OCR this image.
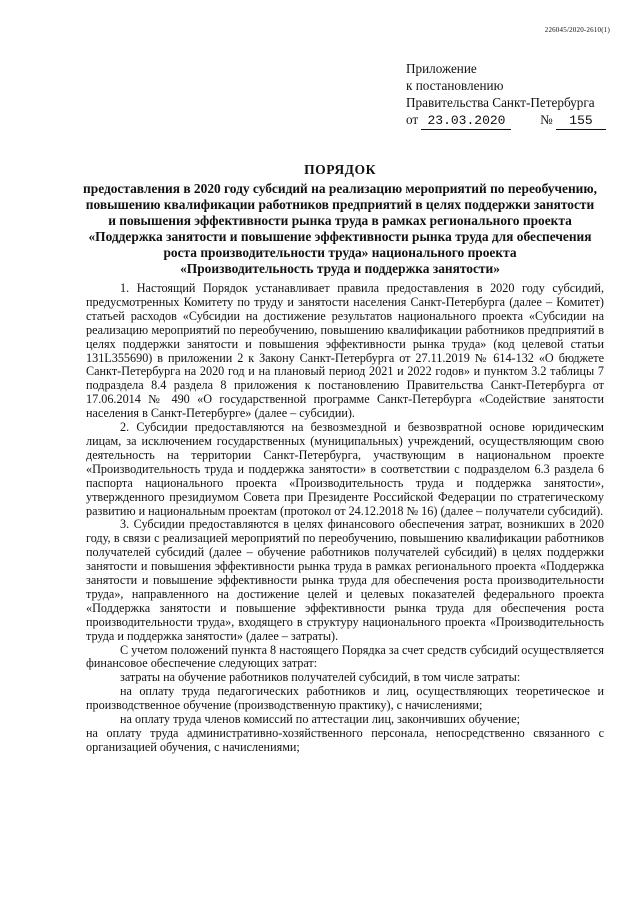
226045/2020-2610(1)
Приложение
к постановлению
Правительства Санкт-Петербурга
от 23.03.2020	№ 155
ПОРЯДОК
предоставления в 2020 году субсидий на реализацию мероприятий по переобучению,
повышению квалификации работников предприятий в целях поддержки занятости
и повышения эффективности рынка труда в рамках регионального проекта
«Поддержка занятости и повышение эффективности рынка труда для обеспечения
роста производительности труда» национального проекта
«Производительность труда и поддержка занятости»

1. Настоящий Порядок устанавливает правила предоставления в 2020 году субсидий, предусмотренных Комитету по труду и занятости населения Санкт-Петербурга (далее – Комитет) статьей расходов «Субсидии на достижение результатов национального проекта «Субсидии на реализацию мероприятий по переобучению, повышению квалификации работников предприятий в целях поддержки занятости и повышения эффективности рынка труда» (код целевой статьи 131L355690) в приложении 2 к Закону Санкт-Петербурга от 27.11.2019 № 614-132 «О бюджете Санкт-Петербурга на 2020 год и на плановый период 2021 и 2022 годов» и пунктом 3.2 таблицы 7 подраздела 8.4 раздела 8 приложения к постановлению Правительства Санкт-Петербурга от 17.06.2014 № 490 «О государственной программе Санкт-Петербурга «Содействие занятости населения в Санкт-Петербурге» (далее – субсидии).

2. Субсидии предоставляются на безвозмездной и безвозвратной основе юридическим лицам, за исключением государственных (муниципальных) учреждений, осуществляющим свою деятельность на территории Санкт-Петербурга, участвующим в национальном проекте «Производительность труда и поддержка занятости» в соответствии с подразделом 6.3 раздела 6 паспорта национального проекта «Производительность труда и поддержка занятости», утвержденного президиумом Совета при Президенте Российской Федерации по стратегическому развитию и национальным проектам (протокол от 24.12.2018 № 16) (далее – получатели субсидий).

3. Субсидии предоставляются в целях финансового обеспечения затрат, возникших в 2020 году, в связи с реализацией мероприятий по переобучению, повышению квалификации работников получателей субсидий (далее – обучение работников получателей субсидий) в целях поддержки занятости и повышения эффективности рынка труда в рамках регионального проекта «Поддержка занятости и повышение эффективности рынка труда для обеспечения роста производительности труда», направленного на достижение целей и целевых показателей федерального проекта «Поддержка занятости и повышение эффективности рынка труда для обеспечения роста производительности труда», входящего в структуру национального проекта «Производительность труда и поддержка занятости» (далее – затраты).

С учетом положений пункта 8 настоящего Порядка за счет средств субсидий осуществляется финансовое обеспечение следующих затрат:

затраты на обучение работников получателей субсидий, в том числе затраты:

на оплату труда педагогических работников и лиц, осуществляющих теоретическое и производственное обучение (производственную практику), с начислениями;

на оплату труда членов комиссий по аттестации лиц, закончивших обучение;

на оплату труда административно-хозяйственного персонала, непосредственно связанного с организацией обучения, с начислениями;
